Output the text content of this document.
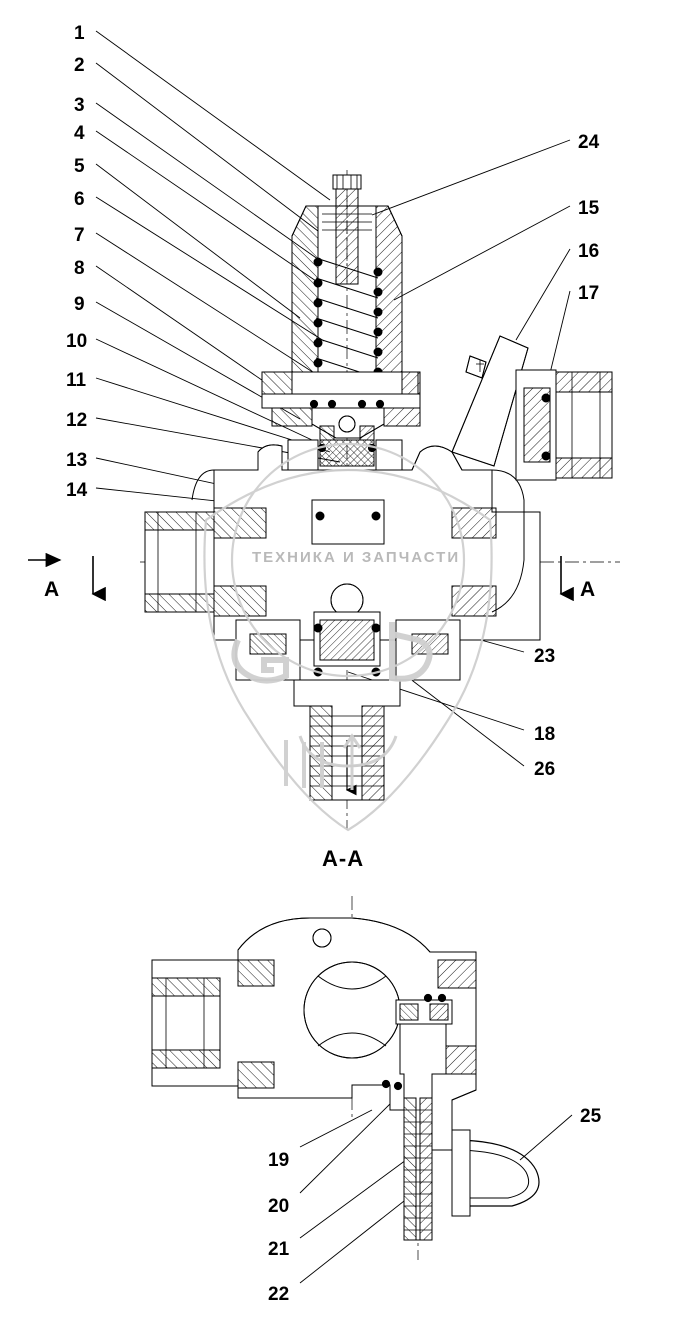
ТЕХНИКА И ЗАПЧАСТИ
1
2
3
4
5
6
7
8
9
10
11
12
13
14
24
15
16
17
23
18
26
A	A
A-A
19
20
21
22
25
